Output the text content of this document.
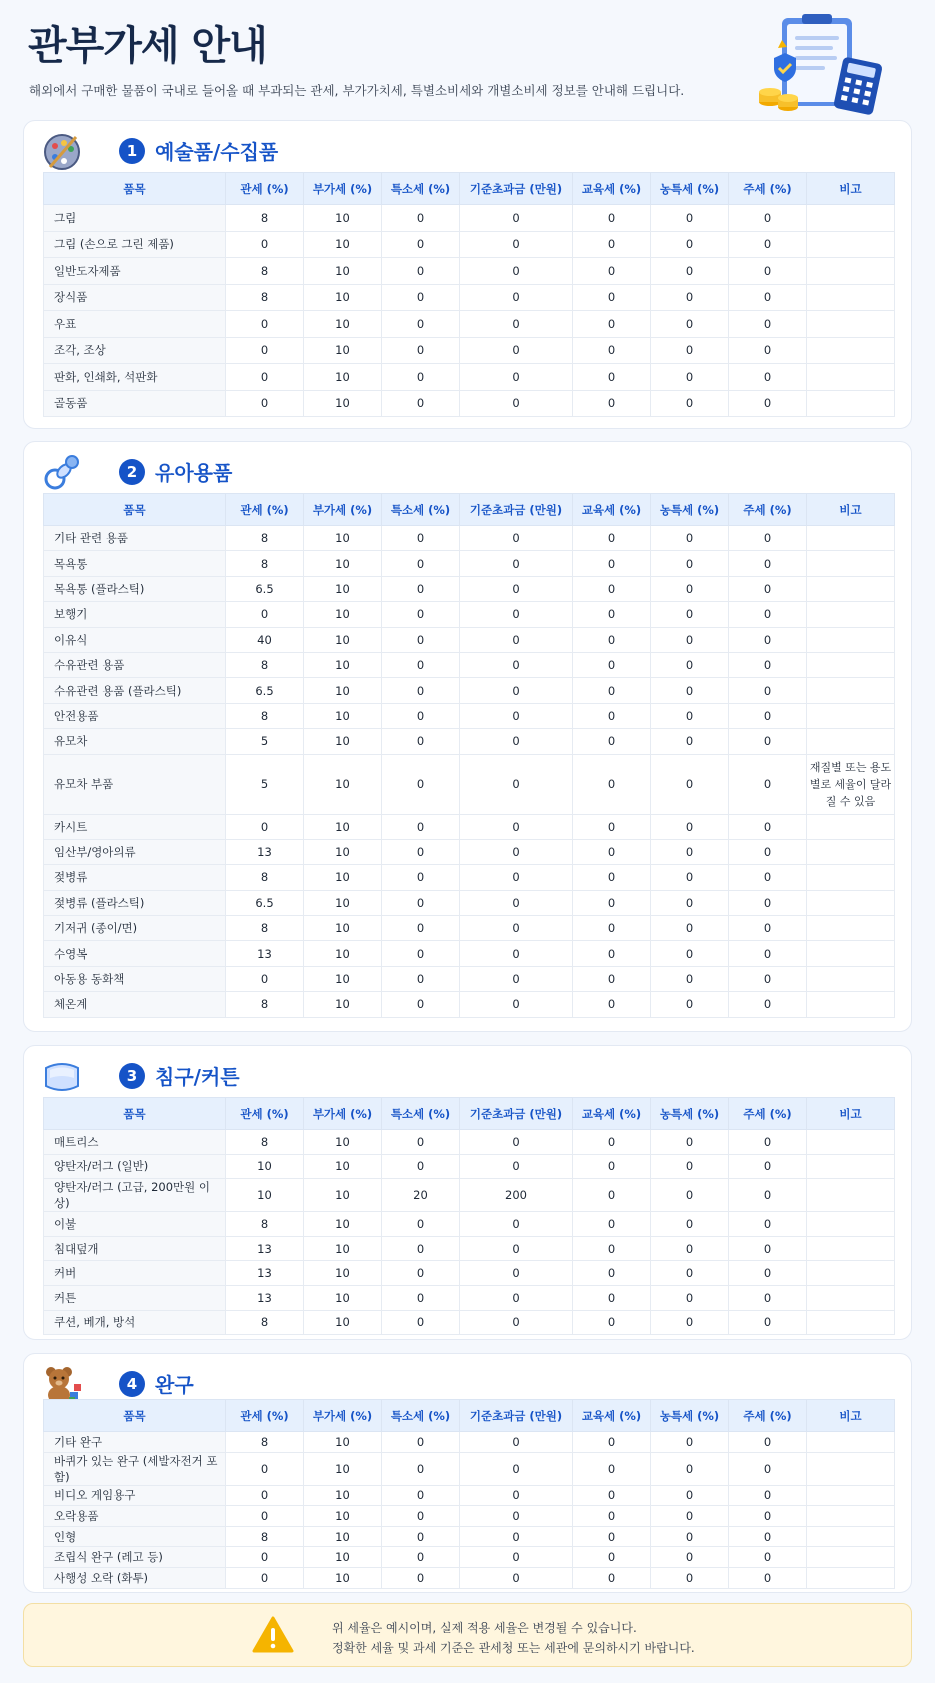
관부가세 안내
해외에서 구매한 물품이 국내로 들어올 때 부과되는 관세, 부가가치세, 특별소비세와 개별소비세 정보를 안내해 드립니다.
1 예술품/수집품
품목	관세 (%)	부가세 (%)	특소세 (%)	기준초과금 (만원)	교육세 (%)	농특세 (%)	주세 (%)	비고
그림	8	10	0	0	0	0	0	
그림 (손으로 그린 제품)	0	10	0	0	0	0	0	
일반도자제품	8	10	0	0	0	0	0	
장식품	8	10	0	0	0	0	0	
우표	0	10	0	0	0	0	0	
조각, 조상	0	10	0	0	0	0	0	
판화, 인쇄화, 석판화	0	10	0	0	0	0	0	
골동품	0	10	0	0	0	0	0	
2 유아용품
품목	관세 (%)	부가세 (%)	특소세 (%)	기준초과금 (만원)	교육세 (%)	농특세 (%)	주세 (%)	비고
기타 관련 용품	8	10	0	0	0	0	0	
목욕통	8	10	0	0	0	0	0	
목욕통 (플라스틱)	6.5	10	0	0	0	0	0	
보행기	0	10	0	0	0	0	0	
이유식	40	10	0	0	0	0	0	
수유관련 용품	8	10	0	0	0	0	0	
수유관련 용품 (플라스틱)	6.5	10	0	0	0	0	0	
안전용품	8	10	0	0	0	0	0	
유모차	5	10	0	0	0	0	0	
유모차 부품	5	10	0	0	0	0	0	재질별 또는 용도별로 세율이 달라질 수 있음
카시트	0	10	0	0	0	0	0	
임산부/영아의류	13	10	0	0	0	0	0	
젖병류	8	10	0	0	0	0	0	
젖병류 (플라스틱)	6.5	10	0	0	0	0	0	
기저귀 (종이/면)	8	10	0	0	0	0	0	
수영복	13	10	0	0	0	0	0	
아동용 동화책	0	10	0	0	0	0	0	
체온계	8	10	0	0	0	0	0	
3 침구/커튼
품목	관세 (%)	부가세 (%)	특소세 (%)	기준초과금 (만원)	교육세 (%)	농특세 (%)	주세 (%)	비고
매트리스	8	10	0	0	0	0	0	
양탄자/러그 (일반)	10	10	0	0	0	0	0	
양탄자/러그 (고급, 200만원 이상)	10	10	20	200	0	0	0	
이불	8	10	0	0	0	0	0	
침대덮개	13	10	0	0	0	0	0	
커버	13	10	0	0	0	0	0	
커튼	13	10	0	0	0	0	0	
쿠션, 베개, 방석	8	10	0	0	0	0	0	
4 완구
품목	관세 (%)	부가세 (%)	특소세 (%)	기준초과금 (만원)	교육세 (%)	농특세 (%)	주세 (%)	비고
기타 완구	8	10	0	0	0	0	0	
바퀴가 있는 완구 (세발자전거 포함)	0	10	0	0	0	0	0	
비디오 게임용구	0	10	0	0	0	0	0	
오락용품	0	10	0	0	0	0	0	
인형	8	10	0	0	0	0	0	
조립식 완구 (레고 등)	0	10	0	0	0	0	0	
사행성 오락 (화투)	0	10	0	0	0	0	0	
위 세율은 예시이며, 실제 적용 세율은 변경될 수 있습니다.
정확한 세율 및 과세 기준은 관세청 또는 세관에 문의하시기 바랍니다.
